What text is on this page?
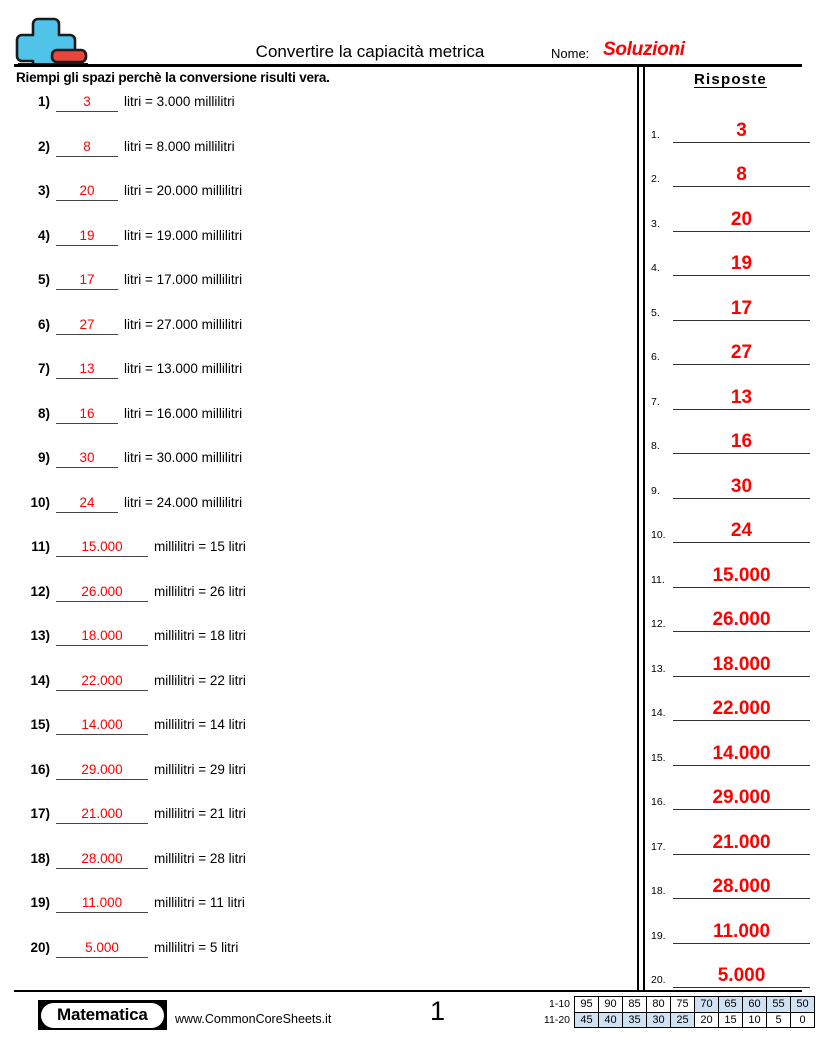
Convertire la capiacità metrica	Nome: Soluzioni
Riempi gli spazi perchè la conversione risulti vera.
1)	3	litri = 3.000 millilitri
2)	8	litri = 8.000 millilitri
3)	20	litri = 20.000 millilitri
4)	19	litri = 19.000 millilitri
5)	17	litri = 17.000 millilitri
6)	27	litri = 27.000 millilitri
7)	13	litri = 13.000 millilitri
8)	16	litri = 16.000 millilitri
9)	30	litri = 30.000 millilitri
10)	24	litri = 24.000 millilitri
11)	15.000	millilitri = 15 litri
12)	26.000	millilitri = 26 litri
13)	18.000	millilitri = 18 litri
14)	22.000	millilitri = 22 litri
15)	14.000	millilitri = 14 litri
16)	29.000	millilitri = 29 litri
17)	21.000	millilitri = 21 litri
18)	28.000	millilitri = 28 litri
19)	11.000	millilitri = 11 litri
20)	5.000	millilitri = 5 litri
Risposte
1.	3
2.	8
3.	20
4.	19
5.	17
6.	27
7.	13
8.	16
9.	30
10.	24
11.	15.000
12.	26.000
13.	18.000
14.	22.000
15.	14.000
16.	29.000
17.	21.000
18.	28.000
19.	11.000
20.	5.000
Matematica	www.CommonCoreSheets.it	1	1-10 95	90	85	80	75	70	65	60	55	50
11-20 45	40	35	30	25	20	15	10	5	0
